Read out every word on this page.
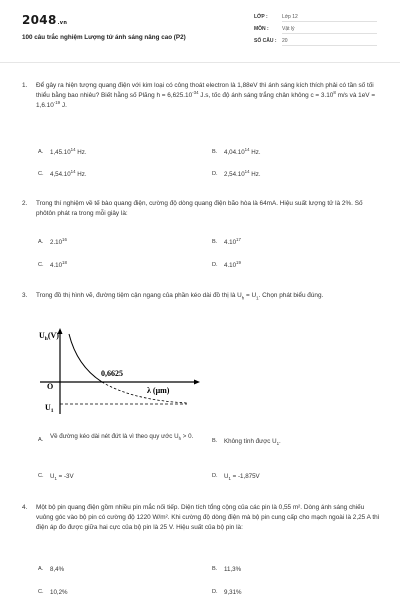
2048.vn
100 câu trắc nghiệm Lượng tử ánh sáng nâng cao (P2)
LỚP :	Lớp 12
MÔN :	Vật lý
SỐ CÂU : 20
1. Để gây ra hiện tượng quang điện với kim loại có công thoát electron là 1,88eV thì ánh sáng kích thích phải có tần số tối thiểu bằng bao nhiêu? Biết hằng số Plăng $h = 6,625.10^{-34}$ J.s, tốc độ ánh sáng trắng chân không $c = 3.10^8$ m/s và $1eV = 1,6.10^{-19}$ J.
A. 1,45.10$^{14}$ Hz.	B. 4,04.10$^{14}$ Hz.
C. 4,54.10$^{14}$ Hz.	D. 2,54.10$^{14}$ Hz.
2. Trong thí nghiệm về tế bào quang điện, cường độ dòng quang điện bão hòa là 64mA. Hiệu suất lượng tử là 2%. Số phôtôn phát ra trong mỗi giây là:
A. 2.10$^{16}$	B. 4.10$^{17}$
C. 4.10$^{18}$	D. 4.10$^{19}$
3. Trong đồ thị hình vẽ, đường tiệm cận ngang của phần kéo dài đồ thị là $U_h = U_1$. Chọn phát biểu đúng.
$U_h(V)$
O
0,6625
λ (μm)
$U_1$
A. Về đường kéo dài nét đứt là vì theo quy ước $U_h > 0$.
B. Không tính được $U_1$.
C. $U_1 = -3V$	D. $U_1 = -1,875V$
4. Một bộ pin quang điện gồm nhiều pin mắc nối tiếp. Diện tích tổng cộng của các pin là 0,55 m². Dòng ánh sáng chiếu vuông góc vào bộ pin có cường độ 1220 W/m². Khi cường độ dòng điện mà bộ pin cung cấp cho mạch ngoài là 2,25 A thì điện áp đo được giữa hai cực của bộ pin là 25 V. Hiệu suất của bộ pin là:
A. 8,4%	B. 11,3%
C. 10,2%	D. 9,31%
